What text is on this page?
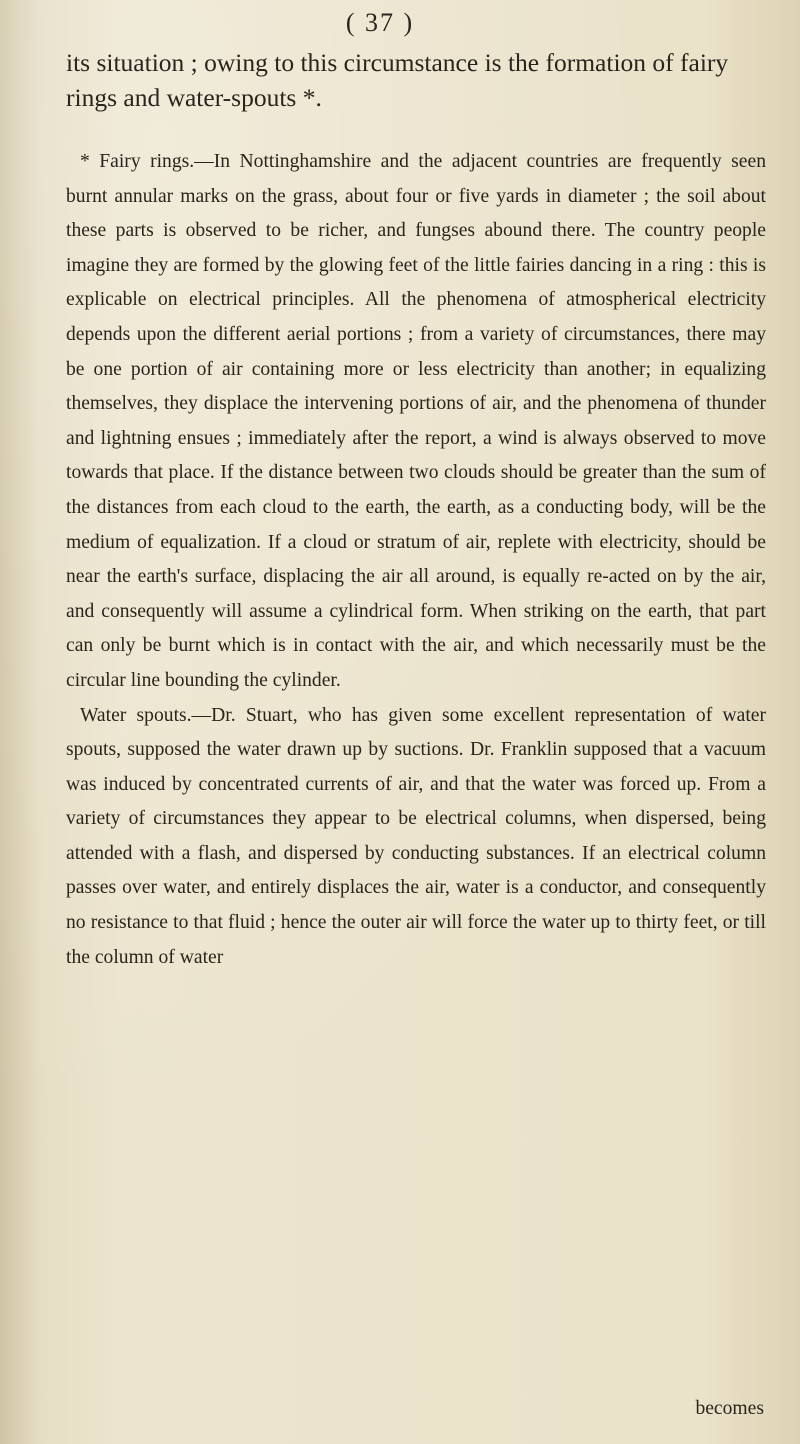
( 37 )
its situation ; owing to this circumstance is the formation of fairy rings and water-spouts *.

* Fairy rings.—In Nottinghamshire and the adjacent countries are frequently seen burnt annular marks on the grass, about four or five yards in diameter ; the soil about these parts is observed to be richer, and fungses abound there. The country people imagine they are formed by the glowing feet of the little fairies dancing in a ring : this is explicable on electrical principles. All the phenomena of atmospherical electricity depends upon the different aerial portions ; from a variety of circumstances, there may be one portion of air containing more or less electricity than another; in equalizing themselves, they displace the intervening portions of air, and the phenomena of thunder and lightning ensues ; immediately after the report, a wind is always observed to move towards that place. If the distance between two clouds should be greater than the sum of the distances from each cloud to the earth, the earth, as a conducting body, will be the medium of equalization. If a cloud or stratum of air, replete with electricity, should be near the earth's surface, displacing the air all around, is equally re-acted on by the air, and consequently will assume a cylindrical form. When striking on the earth, that part can only be burnt which is in contact with the air, and which necessarily must be the circular line bounding the cylinder.

Water spouts.—Dr. Stuart, who has given some excellent representation of water spouts, supposed the water drawn up by suctions. Dr. Franklin supposed that a vacuum was induced by concentrated currents of air, and that the water was forced up. From a variety of circumstances they appear to be electrical columns, when dispersed, being attended with a flash, and dispersed by conducting substances. If an electrical column passes over water, and entirely displaces the air, water is a conductor, and consequently no resistance to that fluid ; hence the outer air will force the water up to thirty feet, or till the column of water

becomes
